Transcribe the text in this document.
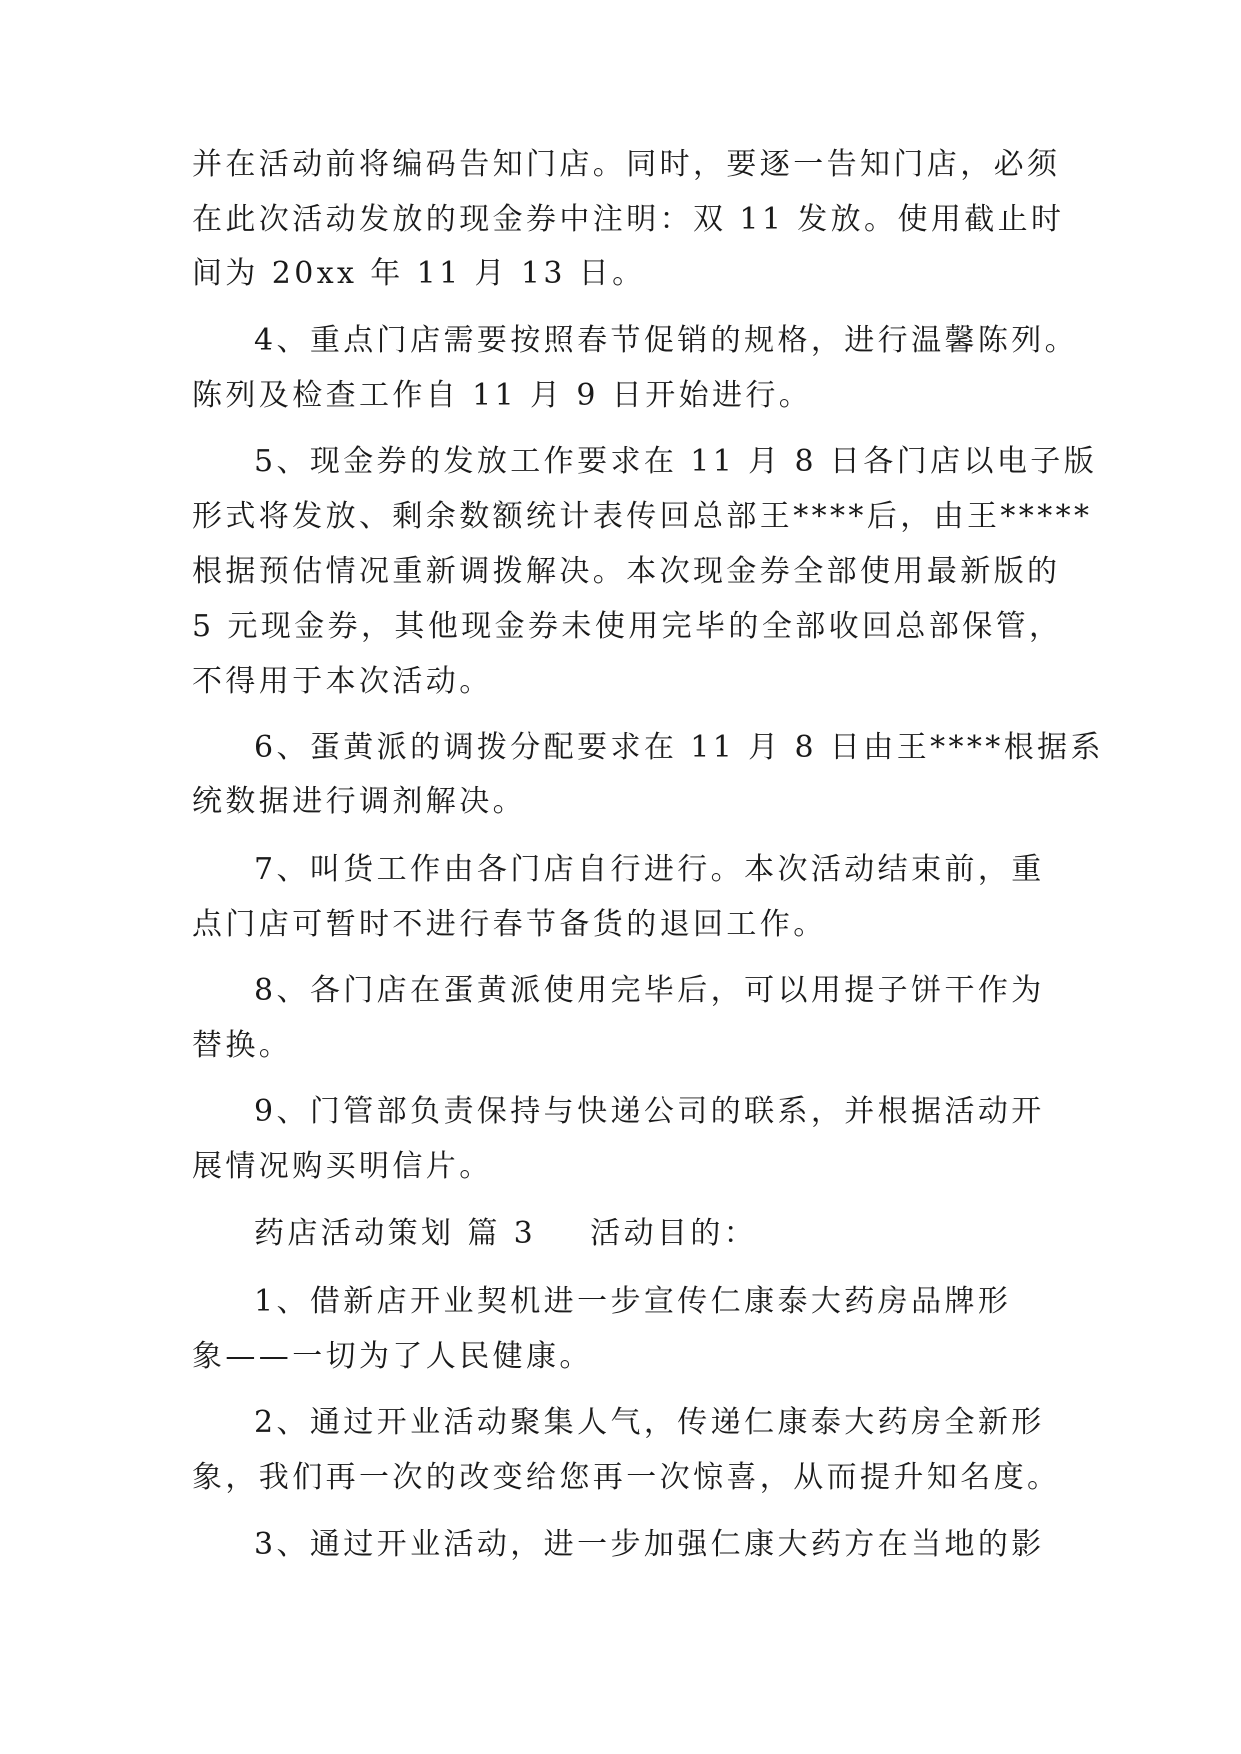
并在活动前将编码告知门店。同时，要逐一告知门店，必须

在此次活动发放的现金券中注明：双 11 发放。使用截止时

间为 20xx 年 11 月 13 日。

4、重点门店需要按照春节促销的规格，进行温馨陈列。

陈列及检查工作自 11 月 9 日开始进行。

5、现金券的发放工作要求在 11 月 8 日各门店以电子版

形式将发放、剩余数额统计表传回总部王****后，由王*****

根据预估情况重新调拨解决。本次现金券全部使用最新版的

5 元现金券，其他现金券未使用完毕的全部收回总部保管，

不得用于本次活动。

6、蛋黄派的调拨分配要求在 11 月 8 日由王****根据系

统数据进行调剂解决。

7、叫货工作由各门店自行进行。本次活动结束前，重

点门店可暂时不进行春节备货的退回工作。

8、各门店在蛋黄派使用完毕后，可以用提子饼干作为

替换。

9、门管部负责保持与快递公司的联系，并根据活动开

展情况购买明信片。

药店活动策划 篇 3 活动目的：

1、借新店开业契机进一步宣传仁康泰大药房品牌形

象——一切为了人民健康。

2、通过开业活动聚集人气，传递仁康泰大药房全新形

象，我们再一次的改变给您再一次惊喜，从而提升知名度。

3、通过开业活动，进一步加强仁康大药方在当地的影
